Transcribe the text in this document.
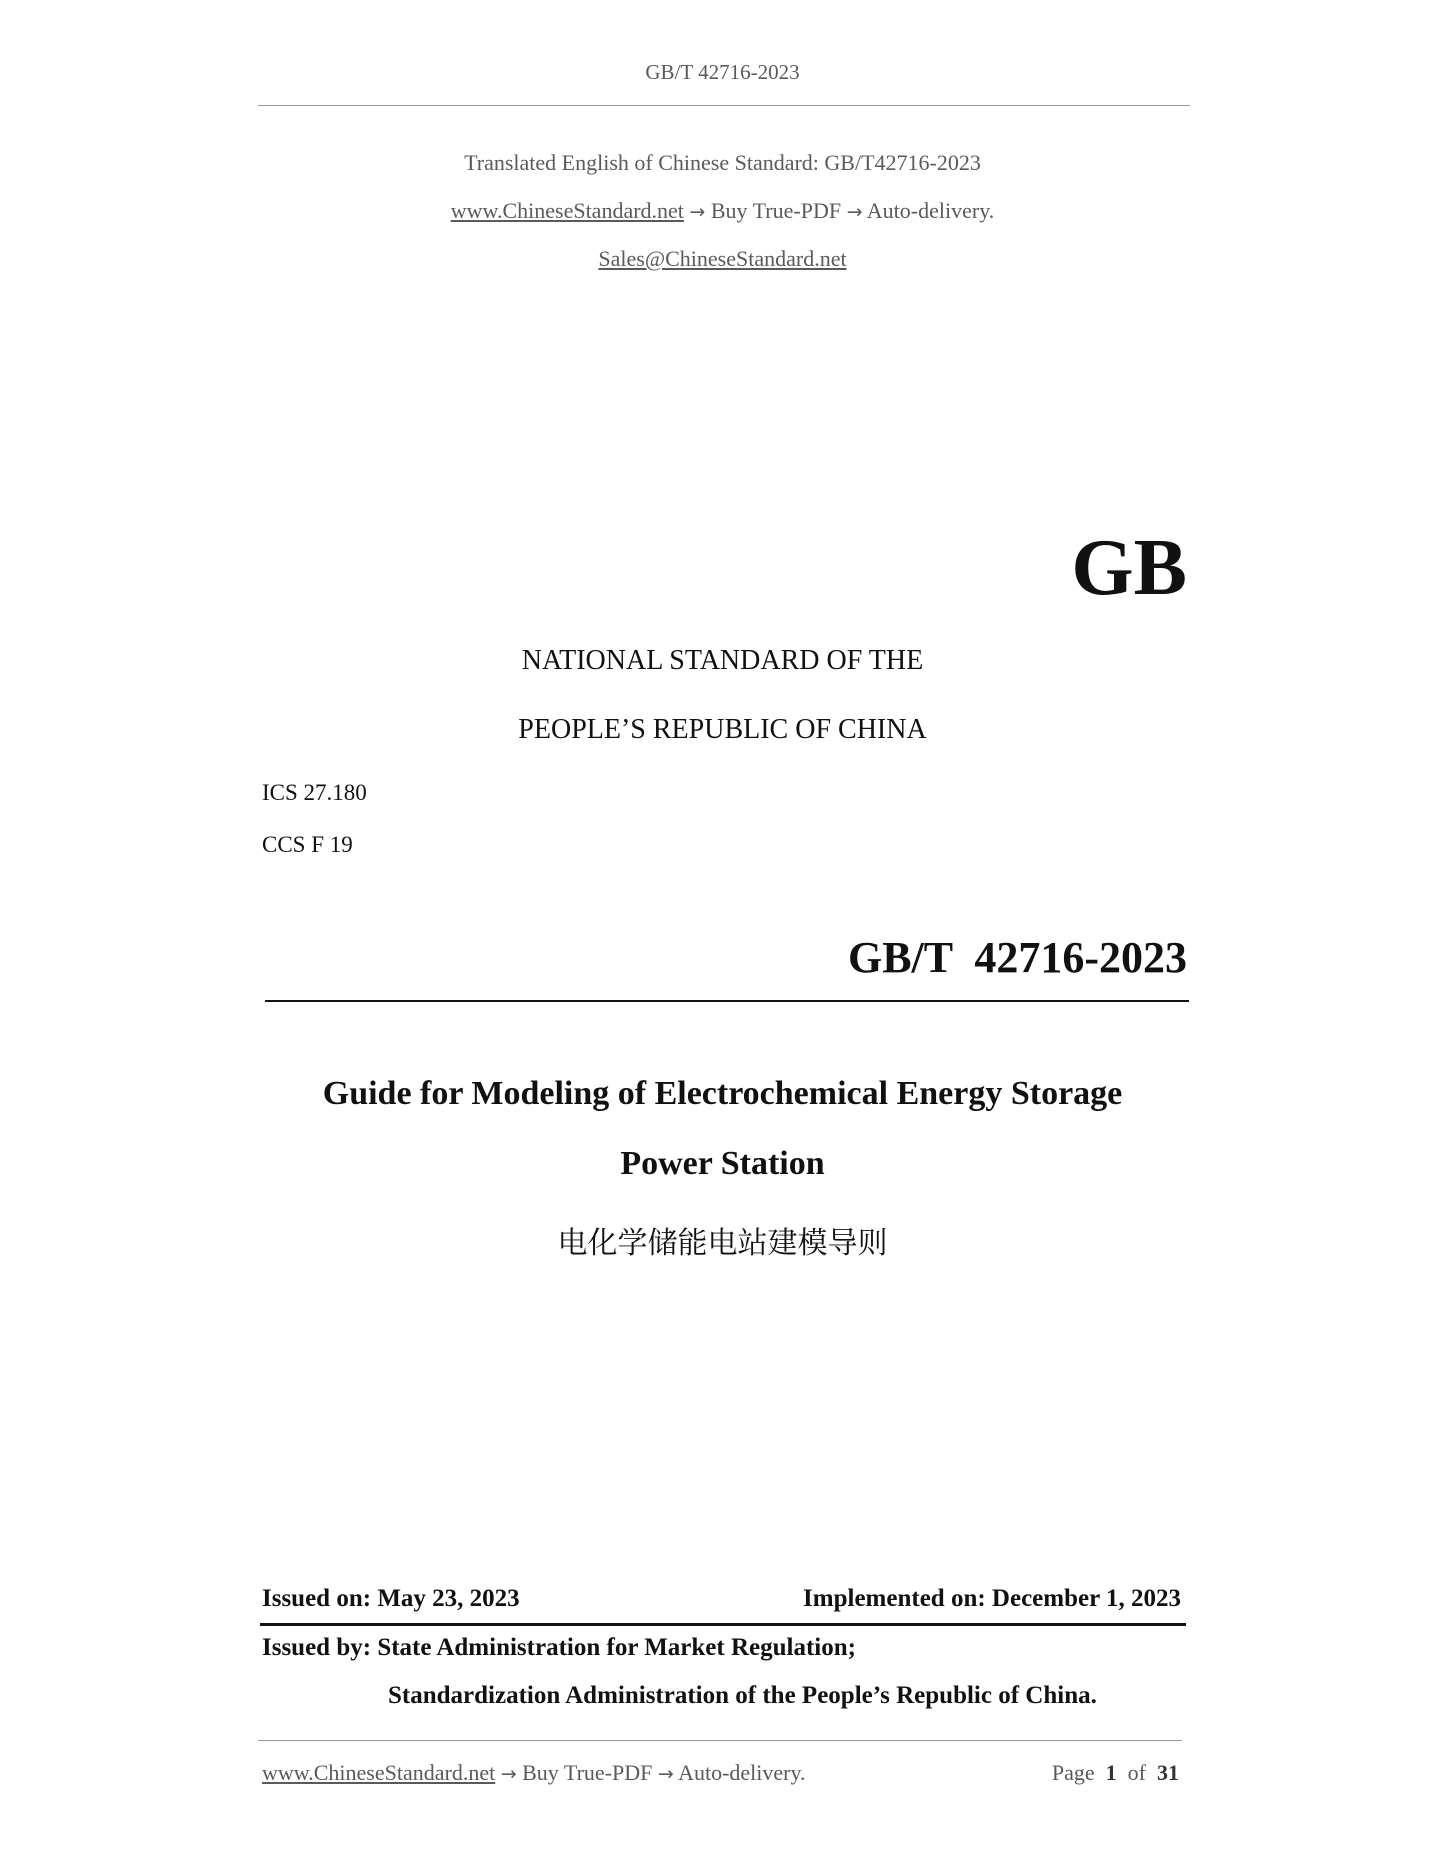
GB/T 42716-2023
Translated English of Chinese Standard: GB/T42716-2023
www.ChineseStandard.net → Buy True-PDF → Auto-delivery.
Sales@ChineseStandard.net
GB
NATIONAL STANDARD OF THE
PEOPLE’S REPUBLIC OF CHINA
ICS 27.180
CCS F 19
GB/T  42716-2023
Guide for Modeling of Electrochemical Energy Storage
Power Station
电化学储能电站建模导则
Issued on: May 23, 2023	Implemented on: December 1, 2023
Issued by: State Administration for Market Regulation;
Standardization Administration of the People’s Republic of China.
www.ChineseStandard.net → Buy True-PDF → Auto-delivery.	Page 1 of 31
